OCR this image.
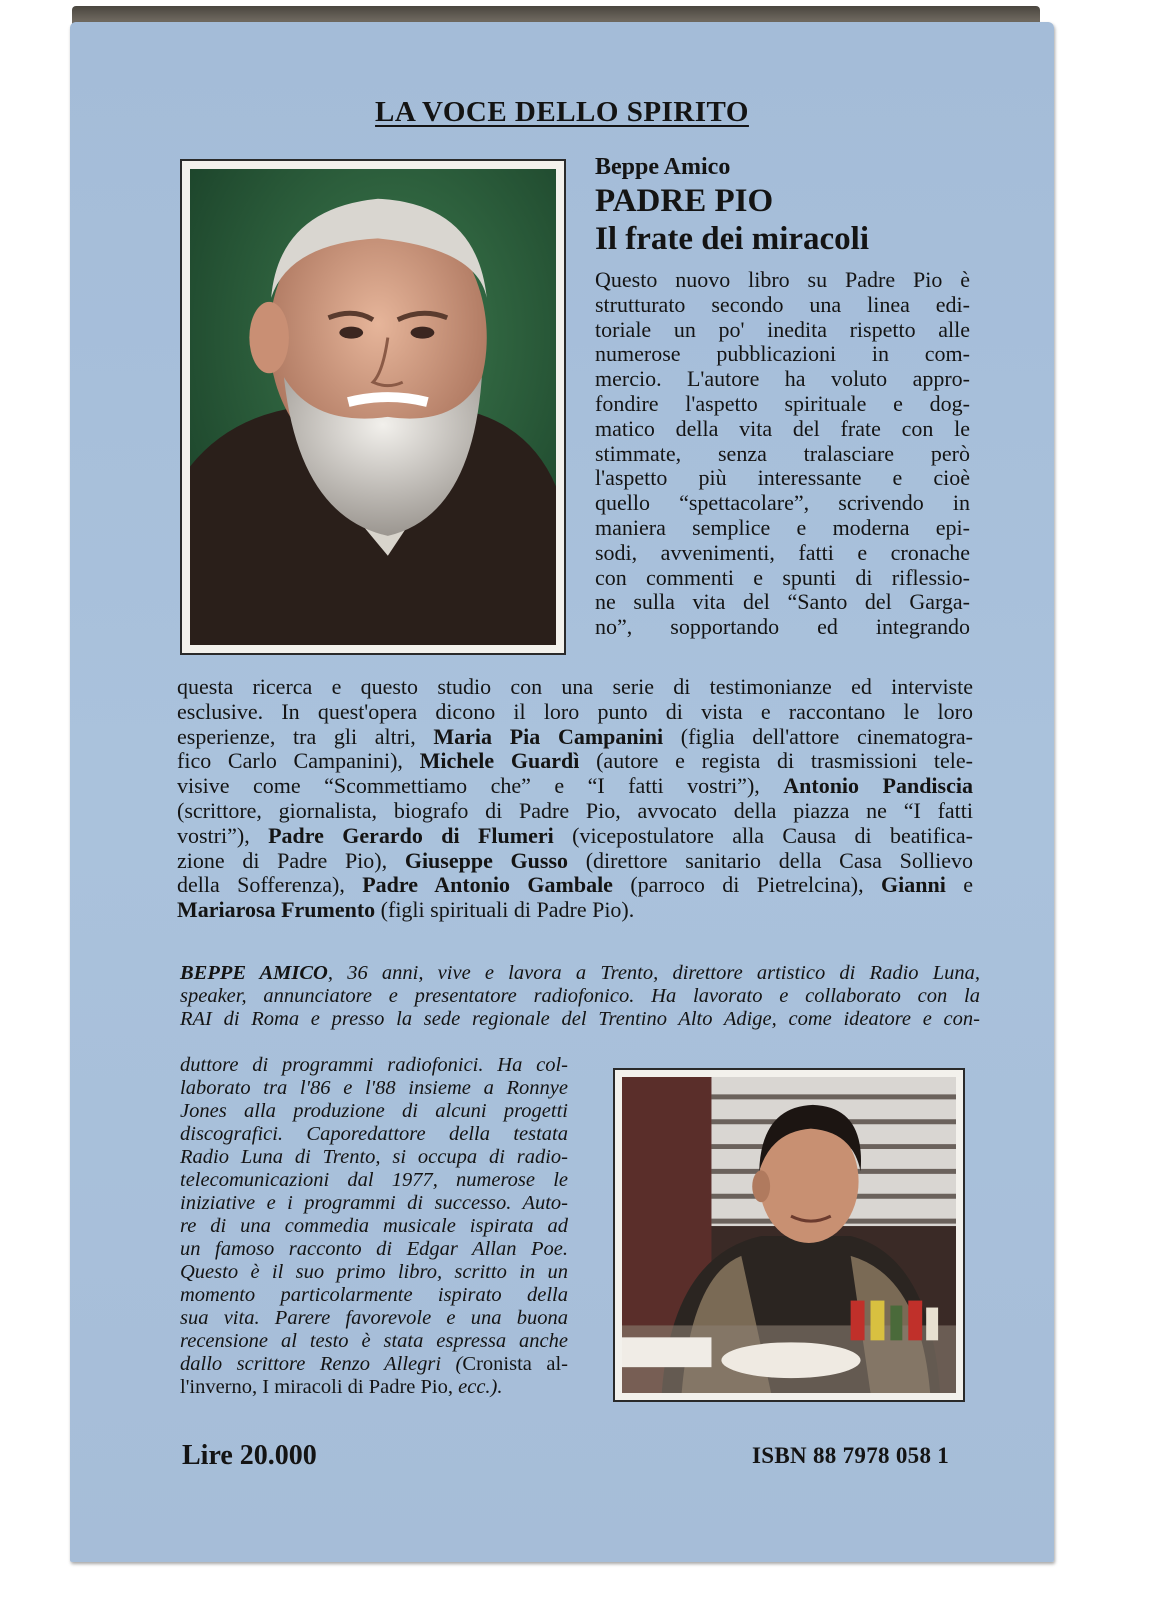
LA VOCE DELLO SPIRITO
Beppe Amico
PADRE PIO
Il frate dei miracoli
Questo nuovo libro su Padre Pio è
strutturato secondo una linea edi-
toriale un po' inedita rispetto alle
numerose pubblicazioni in com-
mercio. L'autore ha voluto appro-
fondire l'aspetto spirituale e dog-
matico della vita del frate con le
stimmate, senza tralasciare però
l'aspetto più interessante e cioè
quello “spettacolare”, scrivendo in
maniera semplice e moderna epi-
sodi, avvenimenti, fatti e cronache
con commenti e spunti di riflessio-
ne sulla vita del “Santo del Garga-
no”, sopportando ed integrando
questa ricerca e questo studio con una serie di testimonianze ed interviste
esclusive. In quest'opera dicono il loro punto di vista e raccontano le loro
esperienze, tra gli altri, Maria Pia Campanini (figlia dell'attore cinematogra-
fico Carlo Campanini), Michele Guardì (autore e regista di trasmissioni tele-
visive come “Scommettiamo che” e “I fatti vostri”), Antonio Pandiscia
(scrittore, giornalista, biografo di Padre Pio, avvocato della piazza ne “I fatti
vostri”), Padre Gerardo di Flumeri (vicepostulatore alla Causa di beatifica-
zione di Padre Pio), Giuseppe Gusso (direttore sanitario della Casa Sollievo
della Sofferenza), Padre Antonio Gambale (parroco di Pietrelcina), Gianni e
Mariarosa Frumento (figli spirituali di Padre Pio).
BEPPE AMICO, 36 anni, vive e lavora a Trento, direttore artistico di Radio Luna,
speaker, annunciatore e presentatore radiofonico. Ha lavorato e collaborato con la
RAI di Roma e presso la sede regionale del Trentino Alto Adige, come ideatore e con-
duttore di programmi radiofonici. Ha col-
laborato tra l'86 e l'88 insieme a Ronnye
Jones alla produzione di alcuni progetti
discografici. Caporedattore della testata
Radio Luna di Trento, si occupa di radio-
telecomunicazioni dal 1977, numerose le
iniziative e i programmi di successo. Auto-
re di una commedia musicale ispirata ad
un famoso racconto di Edgar Allan Poe.
Questo è il suo primo libro, scritto in un
momento particolarmente ispirato della
sua vita. Parere favorevole e una buona
recensione al testo è stata espressa anche
dallo scrittore Renzo Allegri (Cronista al-
l'inverno, I miracoli di Padre Pio, ecc.).
Lire 20.000	ISBN 88 7978 058 1
